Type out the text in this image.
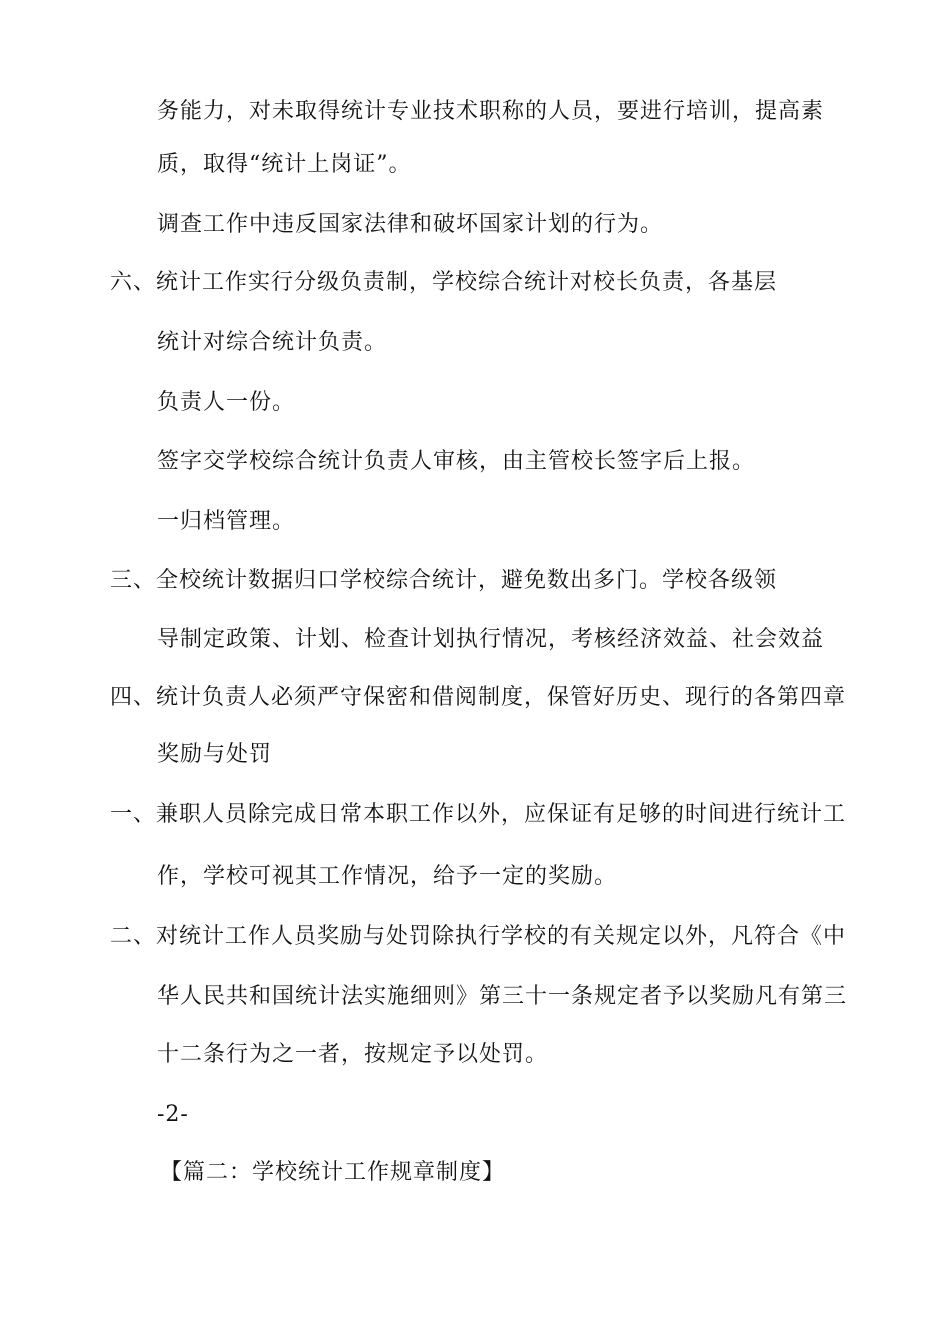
务能力，对未取得统计专业技术职称的人员，要进行培训，提高素
质，取得“统计上岗证”。
调查工作中违反国家法律和破坏国家计划的行为。
六、统计工作实行分级负责制，学校综合统计对校长负责，各基层
统计对综合统计负责。
负责人一份。
签字交学校综合统计负责人审核，由主管校长签字后上报。
一归档管理。
三、全校统计数据归口学校综合统计，避免数出多门。学校各级领
导制定政策、计划、检查计划执行情况，考核经济效益、社会效益
四、统计负责人必须严守保密和借阅制度，保管好历史、现行的各第四章
奖励与处罚
一、兼职人员除完成日常本职工作以外，应保证有足够的时间进行统计工
作，学校可视其工作情况，给予一定的奖励。
二、对统计工作人员奖励与处罚除执行学校的有关规定以外，凡符合《中
华人民共和国统计法实施细则》第三十一条规定者予以奖励凡有第三
十二条行为之一者，按规定予以处罚。
-2-
【篇二：学校统计工作规章制度】
